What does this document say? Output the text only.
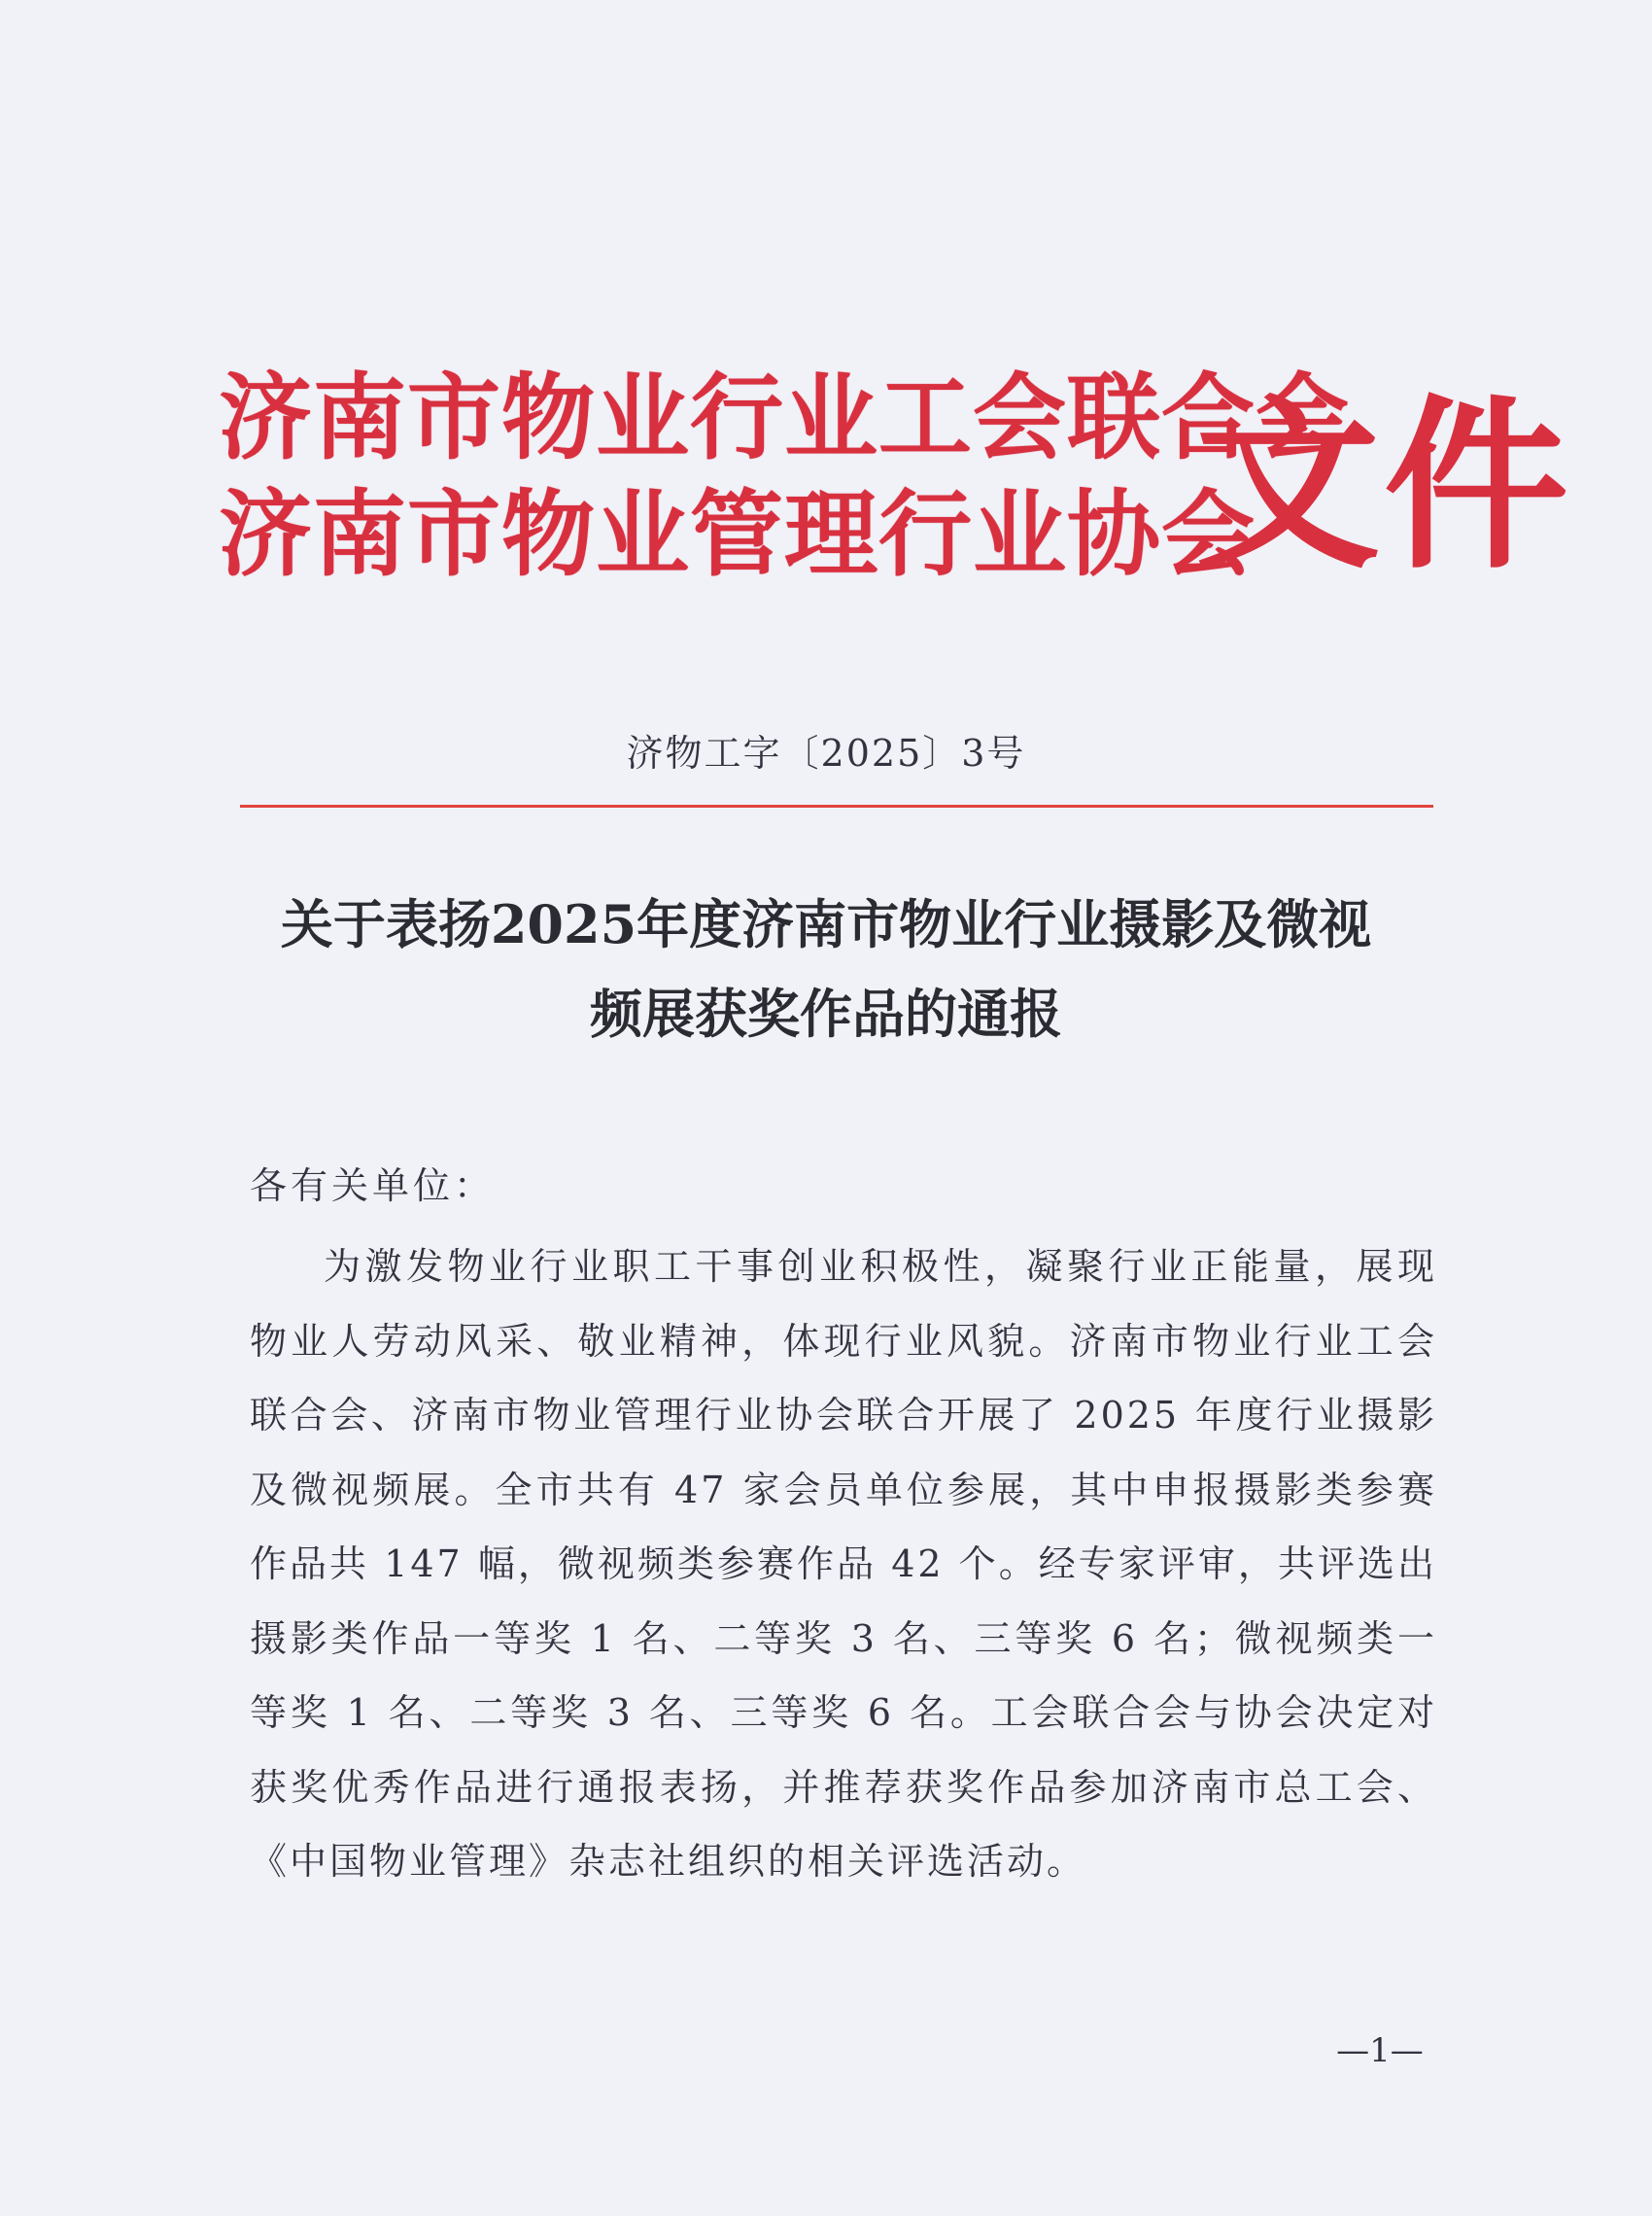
济南市物业行业工会联合会
济南市物业管理行业协会
文件
济物工字〔2025〕3号
关于表扬2025年度济南市物业行业摄影及微视
频展获奖作品的通报
各有关单位：

为激发物业行业职工干事创业积极性，凝聚行业正能量，展现物业人劳动风采、敬业精神，体现行业风貌。济南市物业行业工会联合会、济南市物业管理行业协会联合开展了 2025 年度行业摄影及微视频展。全市共有 47 家会员单位参展，其中申报摄影类参赛作品共 147 幅，微视频类参赛作品 42 个。经专家评审，共评选出摄影类作品一等奖 1 名、二等奖 3 名、三等奖 6 名；微视频类一等奖 1 名、二等奖 3 名、三等奖 6 名。工会联合会与协会决定对获奖优秀作品进行通报表扬，并推荐获奖作品参加济南市总工会、《中国物业管理》杂志社组织的相关评选活动。

—1—
